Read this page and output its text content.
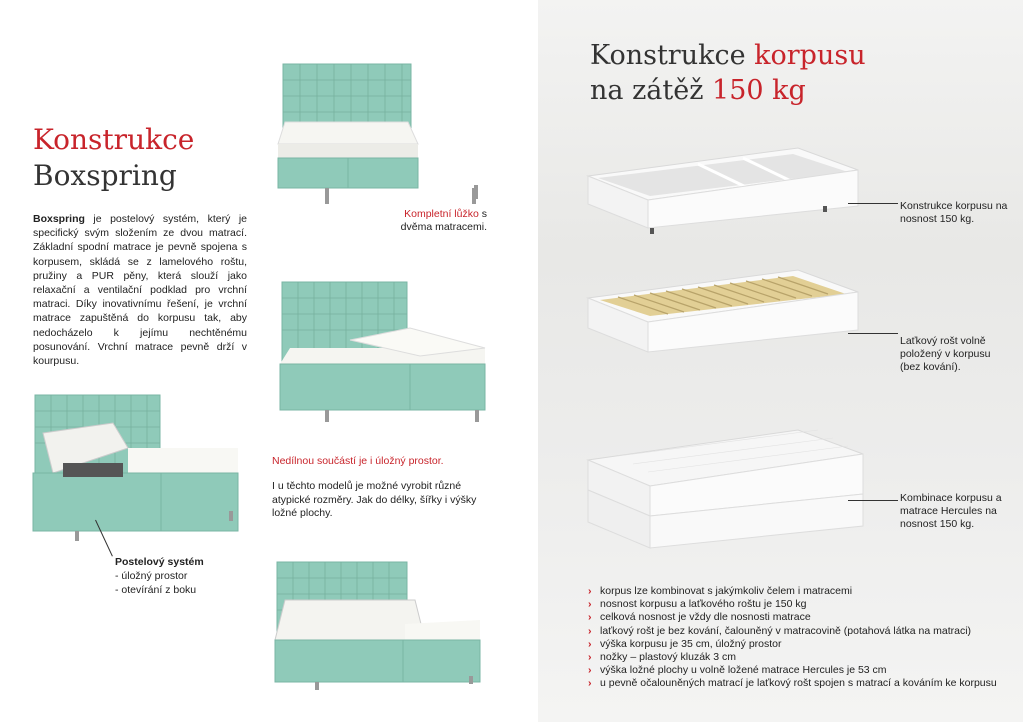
Konstrukce
Boxspring
Boxspring je postelový systém, který je specifický svým složením ze dvou matrací. Základní spodní matrace je pevně spojena s korpusem, skládá se z lamelového roštu, pružiny a PUR pěny, která slouží jako relaxační a ventilační podklad pro vrchní matraci. Díky inovativnímu řešení, je vrchní matrace zapuštěná do korpusu tak, aby nedocházelo k jejímu nechtěnému posunování. Vrchní matrace pevně drží v kourpusu.
Kompletní lůžko s dvěma matracemi.
Nedílnou součástí je i úložný prostor.
I u těchto modelů je možné vyrobit různé atypické rozměry. Jak do délky, šířky i výšky ložné plochy.
Postelový systém
- úložný prostor
- otevírání z boku
Konstrukce korpusu
na zátěž 150 kg
Konstrukce korpusu na nosnost 150 kg.
Laťkový rošt volně položený v korpusu (bez kování).
Kombinace korpusu a matrace Hercules na nosnost 150 kg.
› korpus lze kombinovat s jakýmkoliv čelem i matracemi
› nosnost korpusu a laťkového roštu je 150 kg
› celková nosnost je vždy dle nosnosti matrace
› laťkový rošt je bez kování, čalouněný v matracovině (potahová látka na matraci)
› výška korpusu je 35 cm, úložný prostor
› nožky – plastový kluzák 3 cm
› výška ložné plochy u volně ložené matrace Hercules je 53 cm
› u pevně očalouněných matrací je laťkový rošt spojen s matrací a kováním ke korpusu
